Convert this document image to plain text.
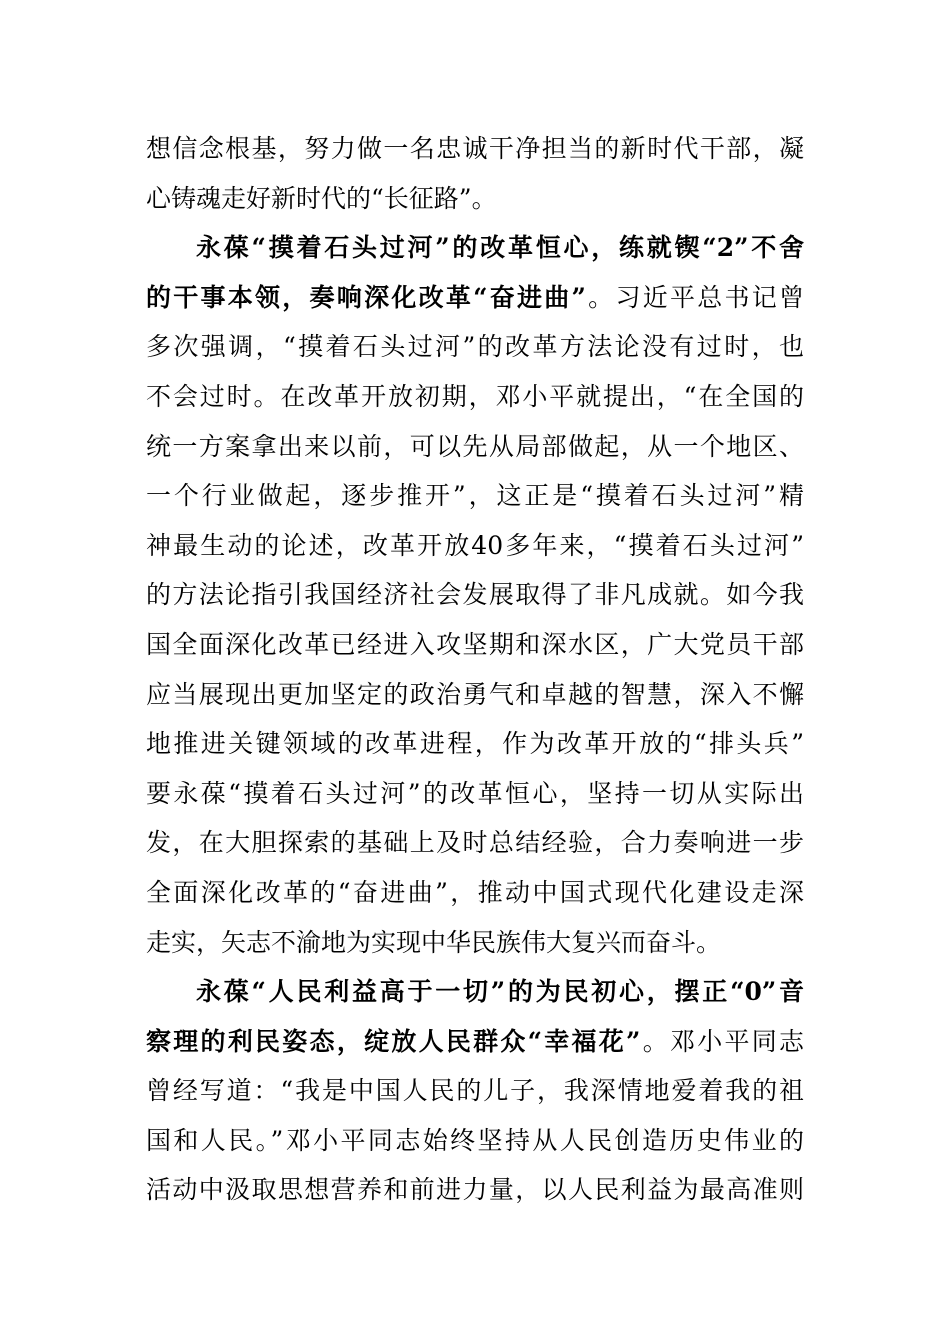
想信念根基，努力做一名忠诚干净担当的新时代干部，凝
心铸魂走好新时代的“长征路”。
永葆“摸着石头过河”的改革恒心，练就锲“2”不舍
的干事本领，奏响深化改革“奋进曲”。习近平总书记曾
多次强调，“摸着石头过河”的改革方法论没有过时，也
不会过时。在改革开放初期，邓小平就提出，“在全国的
统一方案拿出来以前，可以先从局部做起，从一个地区、
一个行业做起，逐步推开”，这正是“摸着石头过河”精
神最生动的论述，改革开放40多年来，“摸着石头过河”
的方法论指引我国经济社会发展取得了非凡成就。如今我
国全面深化改革已经进入攻坚期和深水区，广大党员干部
应当展现出更加坚定的政治勇气和卓越的智慧，深入不懈
地推进关键领域的改革进程，作为改革开放的“排头兵”
要永葆“摸着石头过河”的改革恒心，坚持一切从实际出
发，在大胆探索的基础上及时总结经验，合力奏响进一步
全面深化改革的“奋进曲”，推动中国式现代化建设走深
走实，矢志不渝地为实现中华民族伟大复兴而奋斗。
永葆“人民利益高于一切”的为民初心，摆正“0”音
察理的利民姿态，绽放人民群众“幸福花”。邓小平同志
曾经写道：“我是中国人民的儿子，我深情地爱着我的祖
国和人民。”邓小平同志始终坚持从人民创造历史伟业的
活动中汲取思想营养和前进力量，以人民利益为最高准则
